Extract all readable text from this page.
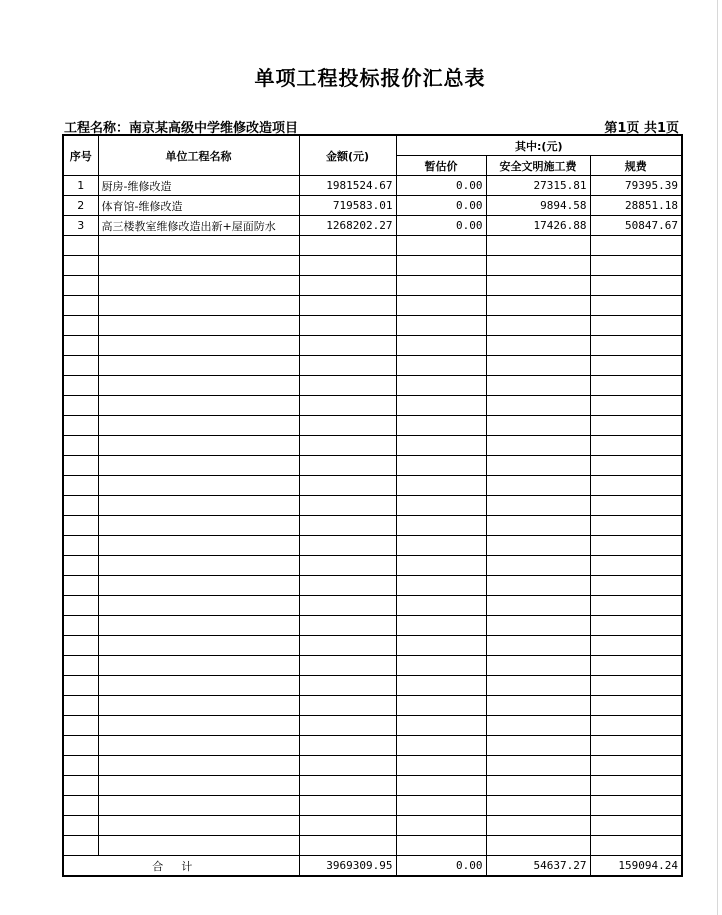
单项工程投标报价汇总表
工程名称：南京某高级中学维修改造项目	第1页 共1页
序号	单位工程名称	金额(元)	其中:(元)		
			暂估价	安全文明施工费	规费
1	厨房-维修改造	1981524.67	0.00	27315.81	79395.39
2	体育馆-维修改造	719583.01	0.00	9894.58	28851.18
3	高三楼教室维修改造出新+屋面防水	1268202.27	0.00	17426.88	50847.67

合计		3969309.95	0.00	54637.27	159094.24
